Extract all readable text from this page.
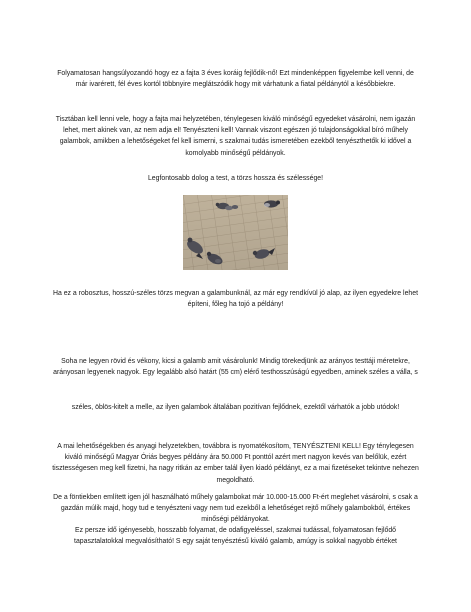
Folyamatosan hangsúlyozandó hogy ez a fajta 3 éves koráig fejlődik-nő! Ezt mindenképpen figyelembe kell venni, de már ivarérett, fél éves kortól többnyire meglátszódik hogy mit várhatunk a fiatal példánytól a későbbiekre.

Tisztában kell lenni vele, hogy a fajta mai helyzetében, ténylegesen kiváló minőségű egyedeket vásárolni, nem igazán lehet, mert akinek van, az nem adja el! Tenyészteni kell! Vannak viszont egészen jó tulajdonságokkal bíró műhely galambok, amikben a lehetőségeket fel kell ismerni, s szakmai tudás ismeretében ezekből tenyészthetők ki idővel a komolyabb minőségű példányok.

Legfontosabb dolog a test, a törzs hossza és szélessége!

Ha ez a robosztus, hosszú-széles törzs megvan a galambunknál, az már egy rendkívül jó alap, az ilyen egyedekre lehet építeni, főleg ha tojó a példány!

Soha ne legyen rövid és vékony, kicsi a galamb amit vásárolunk! Mindig törekedjünk az arányos testtáji méretekre, arányosan legyenek nagyok. Egy legalább alsó határt (55 cm) elérő testhosszúságú egyedben, aminek széles a válla, s

széles, öblös-kitelt a melle, az ilyen galambok általában pozitívan fejlődnek, ezektől várhatók a jobb utódok!

A mai lehetőségekben és anyagi helyzetekben, továbbra is nyomatékosítom, TENYÉSZTENI KELL! Egy ténylegesen kiváló minőségű Magyar Óriás begyes példány ára 50.000 Ft ponttól azért mert nagyon kevés van belőlük, ezért tisztességesen meg kell fizetni, ha nagy ritkán az ember talál ilyen kiadó példányt, ez a mai fizetéseket tekintve nehezen megoldható.

De a föntiekben említett igen jól használható műhely galambokat már 10.000-15.000 Ft-ért meglehet vásárolni, s csak a gazdán múlik majd, hogy tud e tenyészteni vagy nem tud ezekből a lehetőséget rejtő műhely galambokból, értékes minőségi példányokat.

Ez persze idő igényesebb, hosszabb folyamat, de odafigyeléssel, szakmai tudással, folyamatosan fejlődő tapasztalatokkal megvalósítható! S egy saját tenyésztésű kiváló galamb, amúgy is sokkal nagyobb értéket
